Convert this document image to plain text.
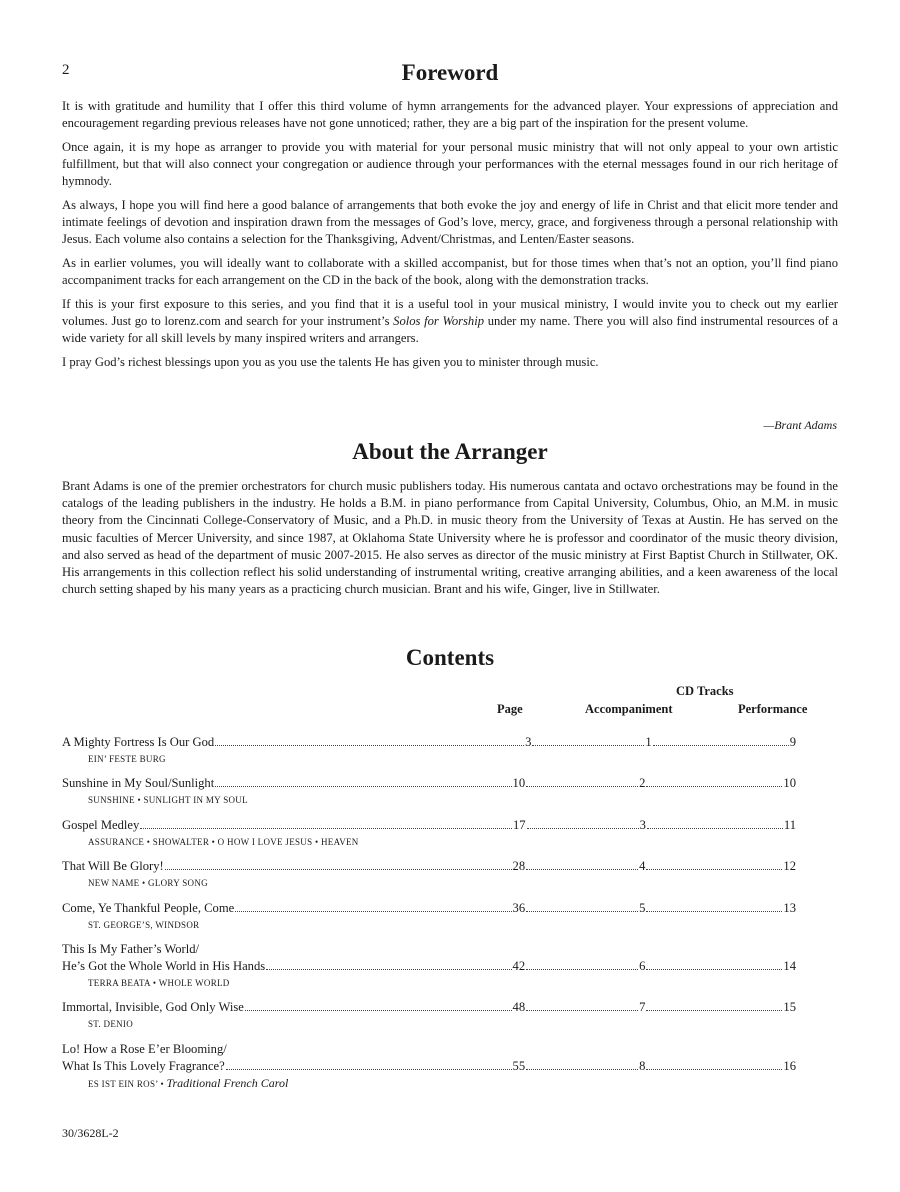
2	Foreword

It is with gratitude and humility that I offer this third volume of hymn arrangements for the advanced player. Your expressions of appreciation and encouragement regarding previous releases have not gone unnoticed; rather, they are a big part of the inspiration for the present volume.

Once again, it is my hope as arranger to provide you with material for your personal music ministry that will not only appeal to your own artistic fulfillment, but that will also connect your congregation or audience through your performances with the eternal messages found in our rich heritage of hymnody.

As always, I hope you will find here a good balance of arrangements that both evoke the joy and energy of life in Christ and that elicit more tender and intimate feelings of devotion and inspiration drawn from the messages of God’s love, mercy, grace, and forgiveness through a personal relationship with Jesus. Each volume also contains a selection for the Thanksgiving, Advent/Christmas, and Lenten/Easter seasons.

As in earlier volumes, you will ideally want to collaborate with a skilled accompanist, but for those times when that’s not an option, you’ll find piano accompaniment tracks for each arrangement on the CD in the back of the book, along with the demonstration tracks.

If this is your first exposure to this series, and you find that it is a useful tool in your musical ministry, I would invite you to check out my earlier volumes. Just go to lorenz.com and search for your instrument’s Solos for Worship under my name. There you will also find instrumental resources of a wide variety for all skill levels by many inspired writers and arrangers.

I pray God’s richest blessings upon you as you use the talents He has given you to minister through music.

—Brant Adams
About the Arranger

Brant Adams is one of the premier orchestrators for church music publishers today. His numerous cantata and octavo orchestrations may be found in the catalogs of the leading publishers in the industry. He holds a B.M. in piano performance from Capital University, Columbus, Ohio, an M.M. in music theory from the Cincinnati College-Conservatory of Music, and a Ph.D. in music theory from the University of Texas at Austin. He has served on the music faculties of Mercer University, and since 1987, at Oklahoma State University where he is professor and coordinator of the music theory division, and also served as head of the department of music 2007-2015. He also serves as director of the music ministry at First Baptist Church in Stillwater, OK. His arrangements in this collection reflect his solid understanding of instrumental writing, creative arranging abilities, and a keen awareness of the local church setting shaped by his many years as a practicing church musician. Brant and his wife, Ginger, live in Stillwater.

Contents
CD Tracks
Page	Accompaniment	Performance
A Mighty Fortress Is Our God	3	1	9
EIN’ FESTE BURG
Sunshine in My Soul/Sunlight	10	2	10
SUNSHINE • SUNLIGHT IN MY SOUL
Gospel Medley	17	3	11
ASSURANCE • SHOWALTER • O HOW I LOVE JESUS • HEAVEN
That Will Be Glory!	28	4	12
NEW NAME • GLORY SONG
Come, Ye Thankful People, Come	36	5	13
ST. GEORGE’S, WINDSOR
This Is My Father’s World/
He’s Got the Whole World in His Hands	42	6	14
TERRA BEATA • WHOLE WORLD
Immortal, Invisible, God Only Wise	48	7	15
ST. DENIO
Lo! How a Rose E’er Blooming/
What Is This Lovely Fragrance?	55	8	16
ES IST EIN ROS’ • Traditional French Carol
30/3628L-2
